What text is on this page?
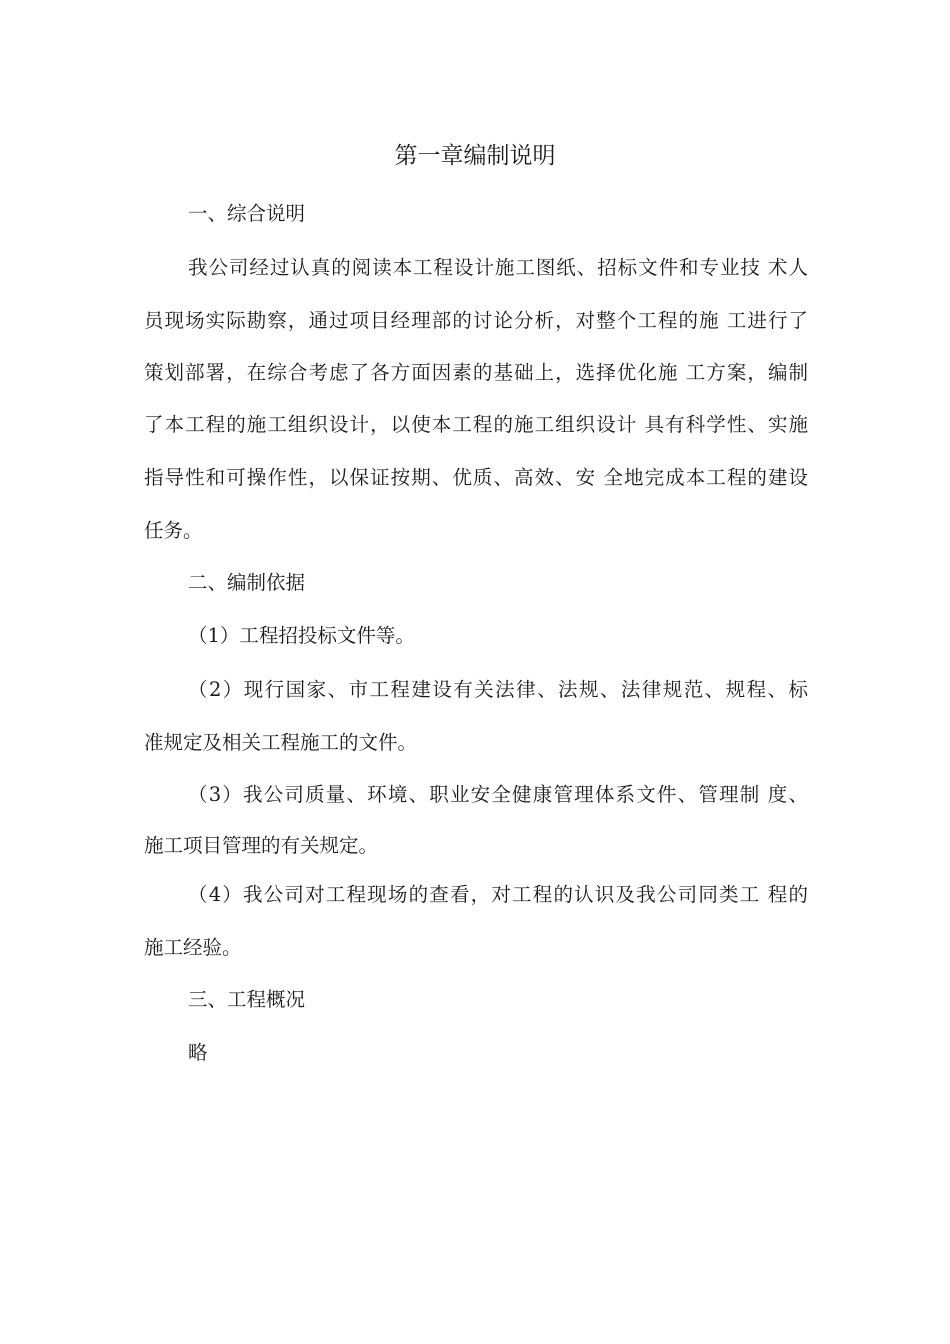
第一章编制说明
一、综合说明
我公司经过认真的阅读本工程设计施工图纸、招标文件和专业技 术人
员现场实际勘察，通过项目经理部的讨论分析，对整个工程的施 工进行了
策划部署，在综合考虑了各方面因素的基础上，选择优化施 工方案，编制
了本工程的施工组织设计，以使本工程的施工组织设计 具有科学性、实施
指导性和可操作性，以保证按期、优质、高效、安 全地完成本工程的建设
任务。
二、编制依据
（1）工程招投标文件等。
（2）现行国家、市工程建设有关法律、法规、法律规范、规程、标
准规定及相关工程施工的文件。
（3）我公司质量、环境、职业安全健康管理体系文件、管理制 度、
施工项目管理的有关规定。
（4）我公司对工程现场的查看，对工程的认识及我公司同类工 程的
施工经验。
三、工程概况
略
